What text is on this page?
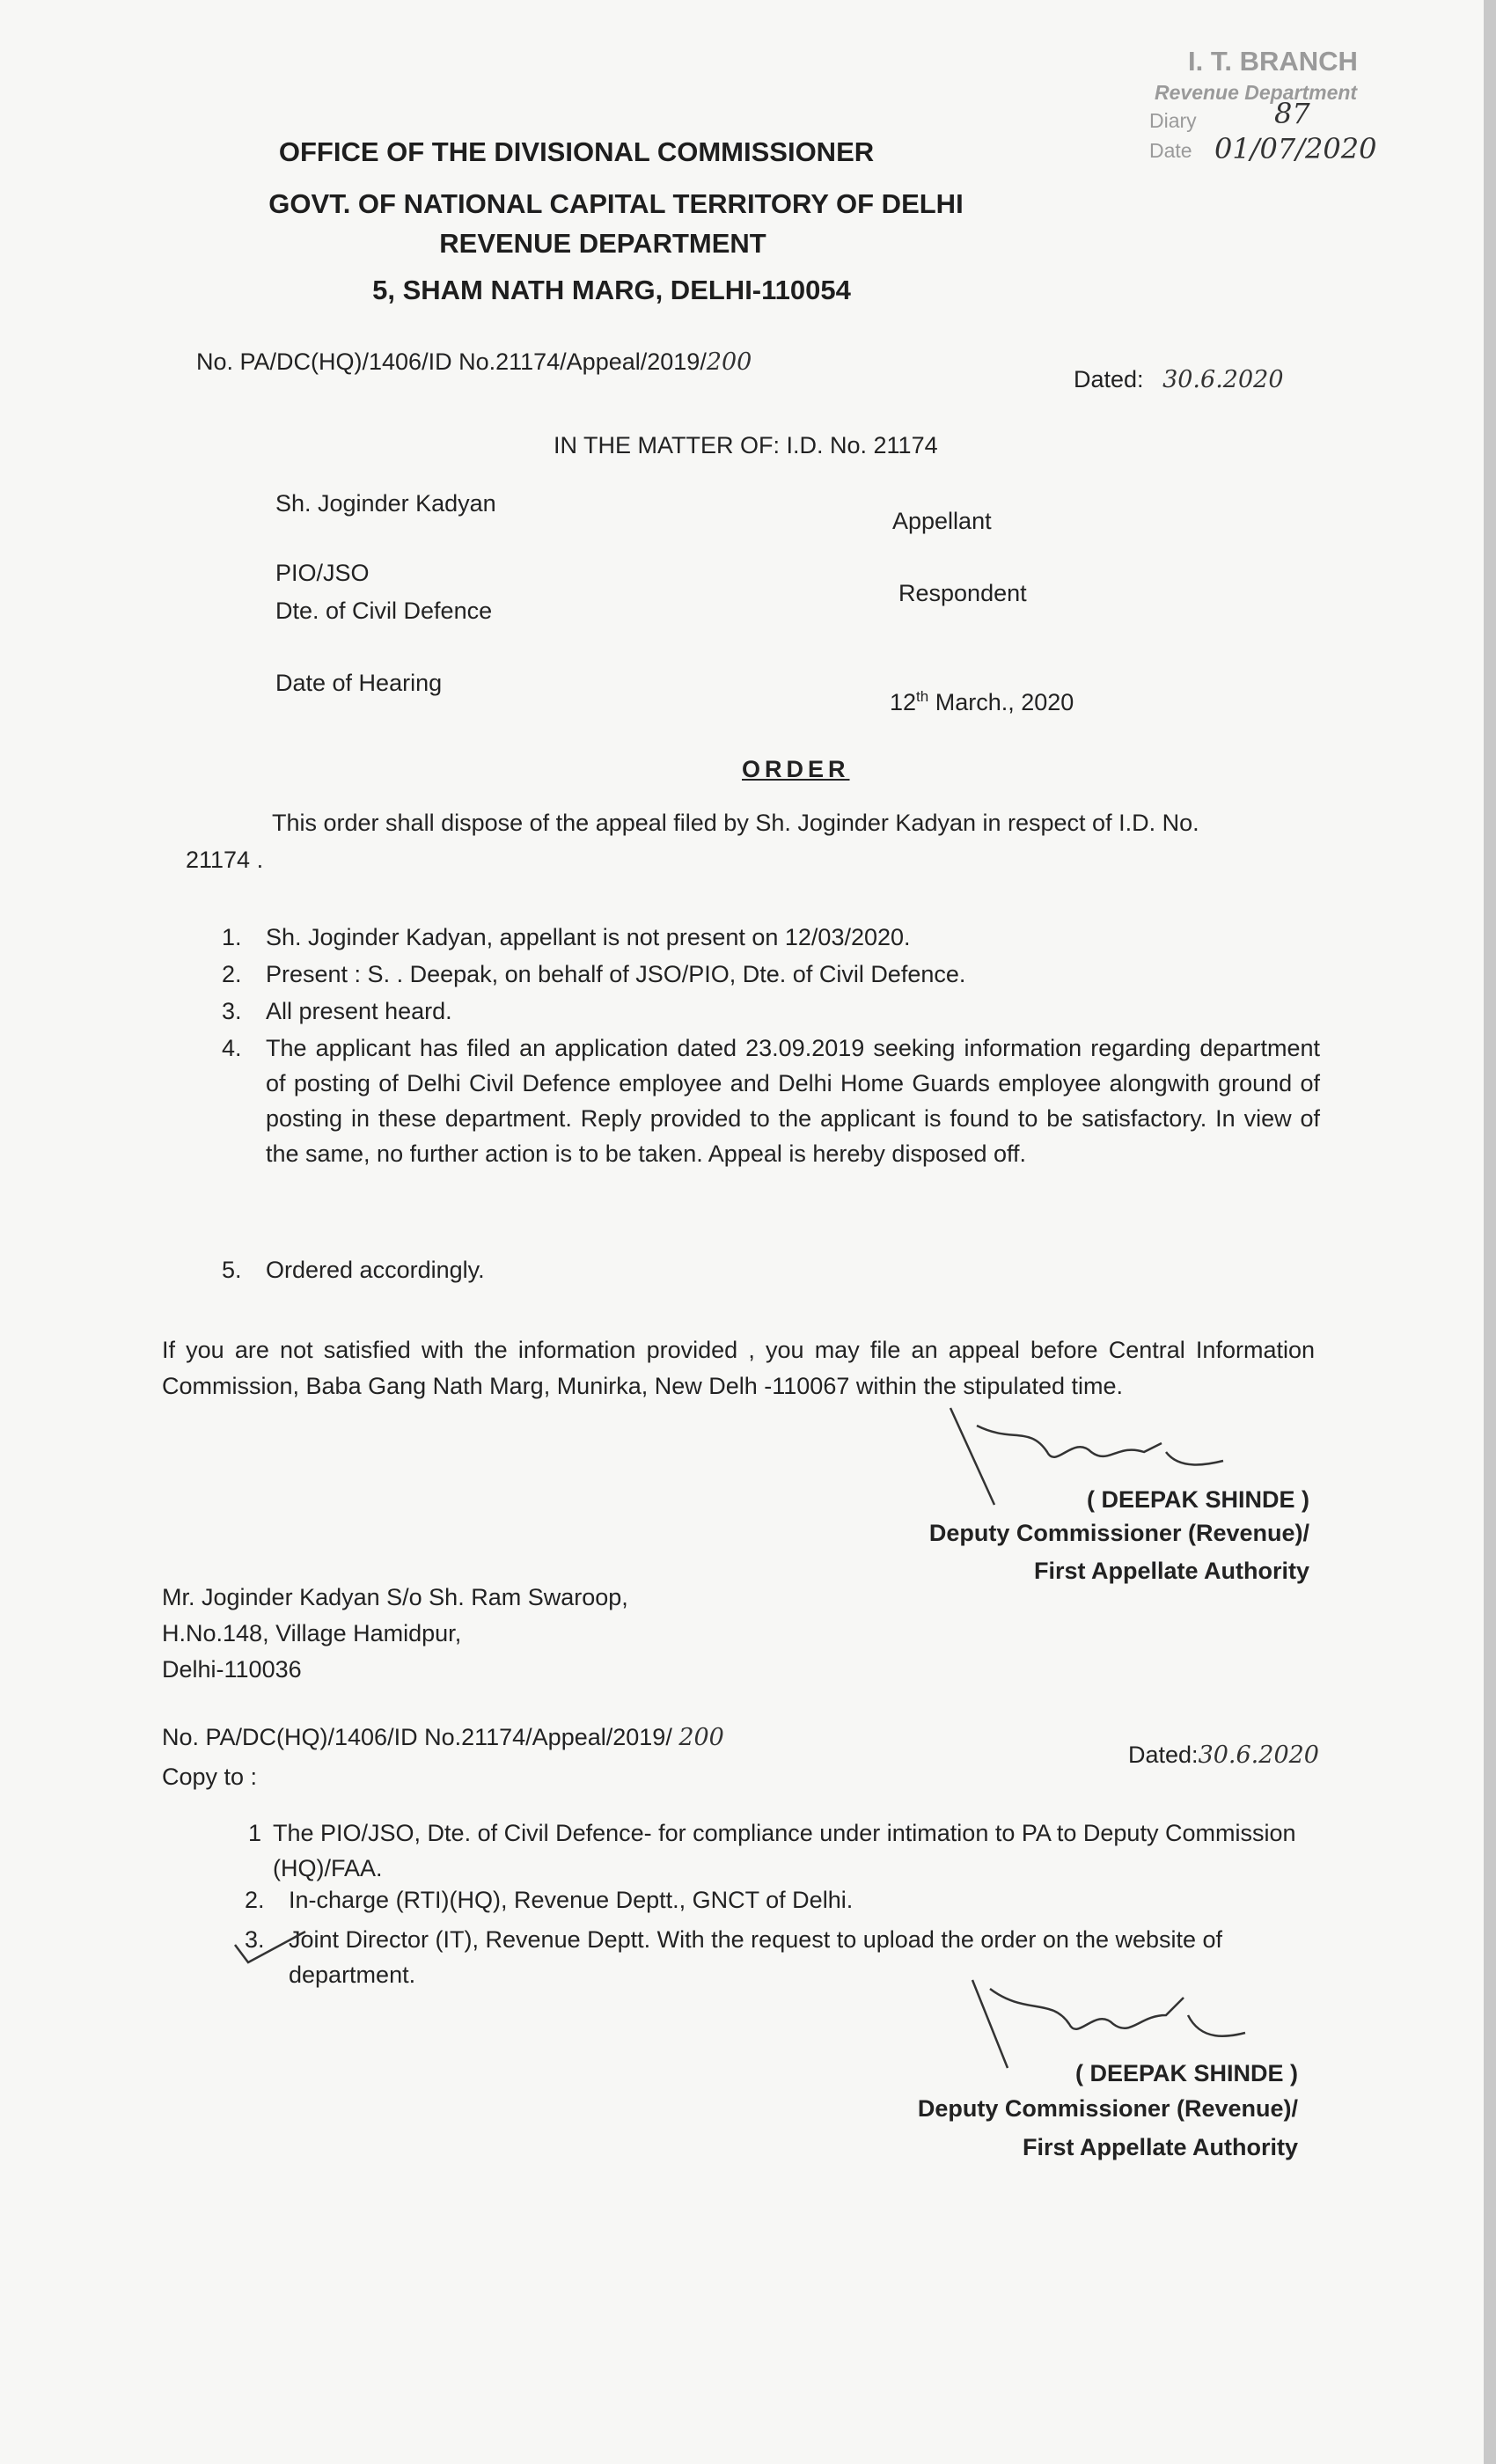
I. T. BRANCH
Revenue Department
Diary	87
Date 01/07/2020
OFFICE OF THE DIVISIONAL COMMISSIONER
GOVT. OF NATIONAL CAPITAL TERRITORY OF DELHI
REVENUE DEPARTMENT
5, SHAM NATH MARG, DELHI-110054
No. PA/DC(HQ)/1406/ID No.21174/Appeal/2019/200
Dated: 30.6.2020
IN THE MATTER OF: I.D. No. 21174
Sh. Joginder Kadyan
Appellant
PIO/JSO
Dte. of Civil Defence
Respondent
Date of Hearing
12th March., 2020
ORDER
This order shall dispose of the appeal filed by Sh. Joginder Kadyan in respect of I.D. No.
21174 .
1. Sh. Joginder Kadyan, appellant is not present on 12/03/2020.
2. Present : S. . Deepak, on behalf of JSO/PIO, Dte. of Civil Defence.
3. All present heard.
4. The applicant has filed an application dated 23.09.2019 seeking information regarding department of posting of Delhi Civil Defence employee and Delhi Home Guards employee alongwith ground of posting in these department. Reply provided to the applicant is found to be satisfactory. In view of the same, no further action is to be taken. Appeal is hereby disposed off.
5. Ordered accordingly.
If you are not satisfied with the information provided , you may file an appeal before Central Information Commission, Baba Gang Nath Marg, Munirka, New Delh -110067 within the stipulated time.
( DEEPAK SHINDE )
Deputy Commissioner (Revenue)/
First Appellate Authority
Mr. Joginder Kadyan S/o Sh. Ram Swaroop,
H.No.148, Village Hamidpur,
Delhi-110036
No. PA/DC(HQ)/1406/ID No.21174/Appeal/2019/ 200
Dated:30.6.2020
Copy to :
1 The PIO/JSO, Dte. of Civil Defence- for compliance under intimation to PA to Deputy Commission (HQ)/FAA.
2. In-charge (RTI)(HQ), Revenue Deptt., GNCT of Delhi.
3. Joint Director (IT), Revenue Deptt. With the request to upload the order on the website of department.
( DEEPAK SHINDE )
Deputy Commissioner (Revenue)/
First Appellate Authority
